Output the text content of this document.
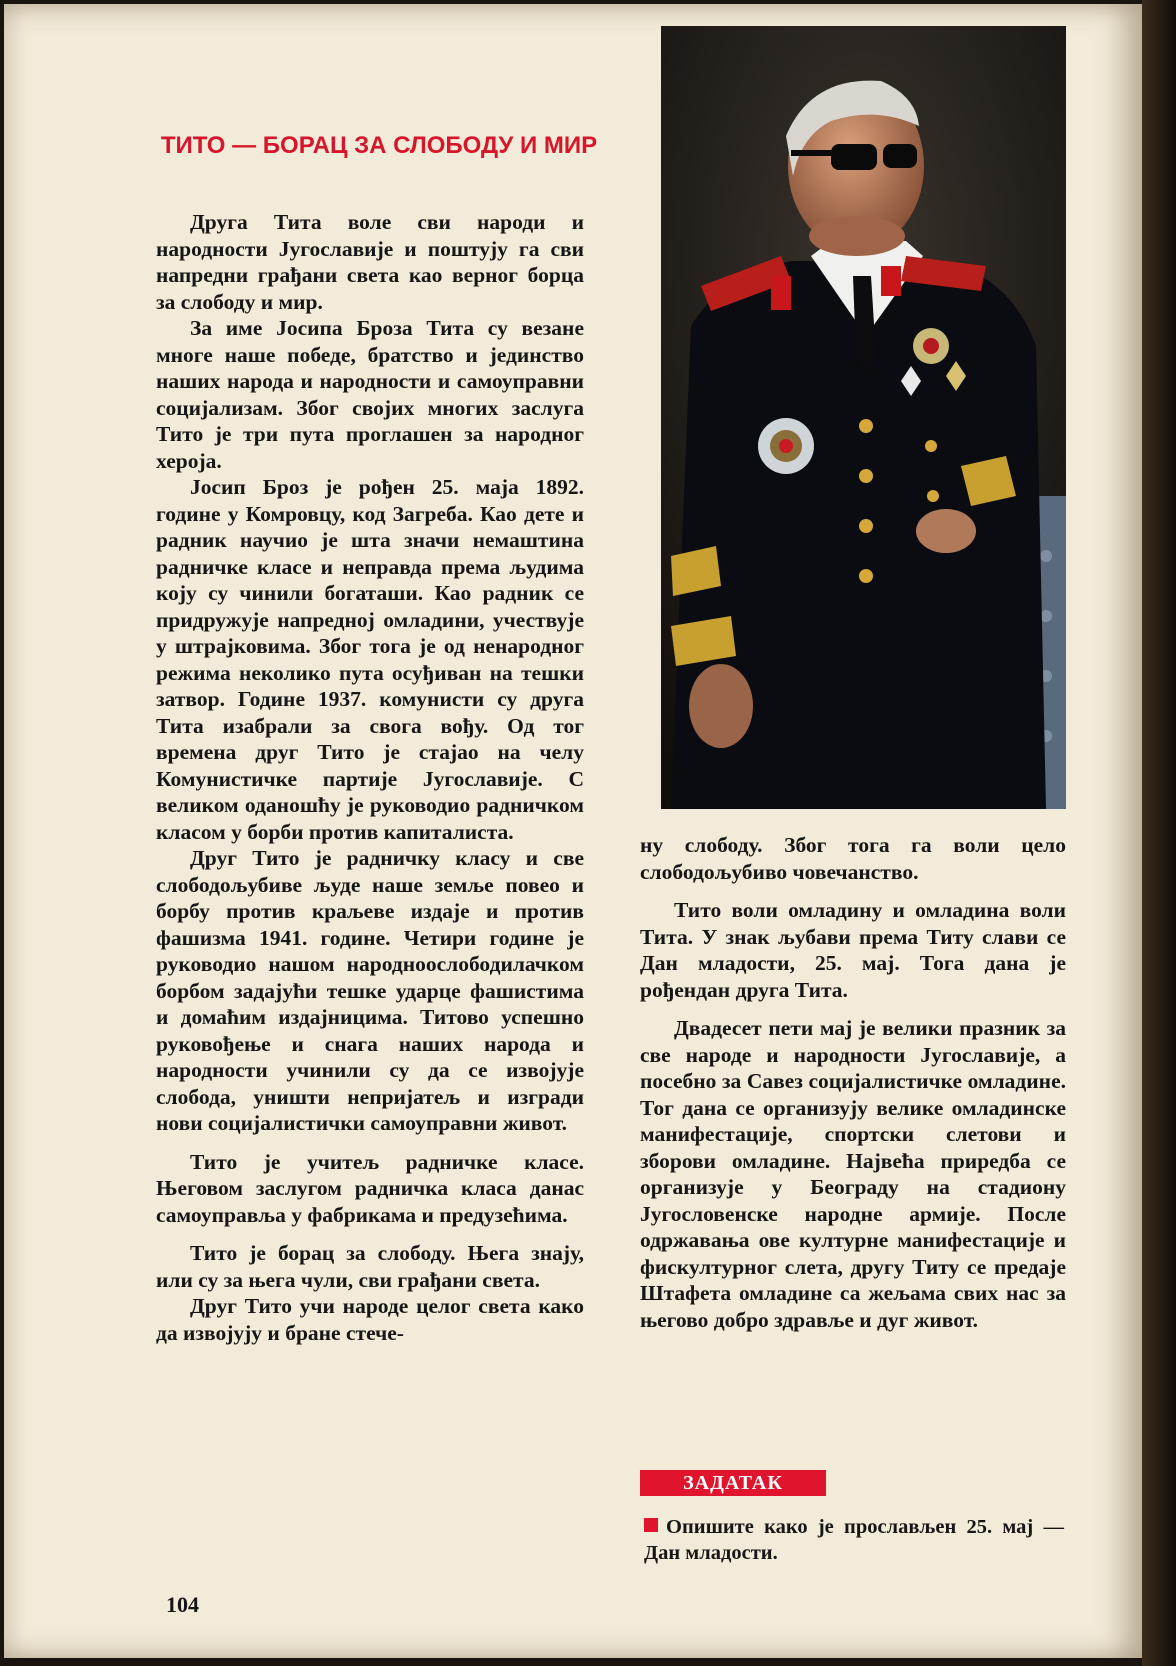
ТИТО — БОРАЦ ЗА СЛОБОДУ И МИР

Друга Тита воле сви народи и народности Југославије и поштују га сви напредни грађани света као верног борца за слободу и мир.

За име Јосипа Броза Тита су везане многе наше победе, братство и јединство наших народа и народности и самоуправни социјализам. Због својих многих заслуга Тито је три пута проглашен за народног хероја.

Јосип Броз је рођен 25. маја 1892. године у Комровцу, код Загреба. Као дете и радник научио је шта значи немаштина радничке класе и неправда према људима коју су чинили богаташи. Као радник се придружује напредној омладини, учествује у штрајковима. Због тога је од ненародног режима неколико пута осуђиван на тешки затвор. Године 1937. комунисти су друга Тита изабрали за свога вођу. Од тог времена друг Тито је стајао на челу Комунистичке партије Југославије. С великом оданошћу је руководио радничком класом у борби против капиталиста.

Друг Тито је радничку класу и све слободољубиве људе наше земље повео и борбу против краљеве издаје и против фашизма 1941. године. Четири године је руководио нашом народноослободилачком борбом задајући тешке ударце фашистима и домаћим издајницима. Титово успешно руковођење и снага наших народа и народности учинили су да се извојује слобода, уништи непријатељ и изгради нови социјалистички самоуправни живот.

Тито је учитељ радничке класе. Његовом заслугом радничка класа данас самоуправља у фабрикама и предузећима.

Тито је борац за слободу. Њега знају, или су за њега чули, сви грађани света.

Друг Тито учи народе целог света како да извојују и бране стече-

ну слободу. Због тога га воли цело слободољубиво човечанство.

Тито воли омладину и омладина воли Тита. У знак љубави према Титу слави се Дан младости, 25. мај. Тога дана је рођендан друга Тита.

Двадесет пети мај је велики празник за све народе и народности Југославије, а посебно за Савез социјалистичке омладине. Тог дана се организују велике омладинске манифестације, спортски слетови и зборови омладине. Највећа приредба се организује у Београду на стадиону Југословенске народне армије. После одржавања ове културне манифестације и фискултурног слета, другу Титу се предаје Штафета омладине са жељама свих нас за његово добро здравље и дуг живот.

ЗАДАТАК
Опишите како је прослављен 25. мај — Дан младости.
104
